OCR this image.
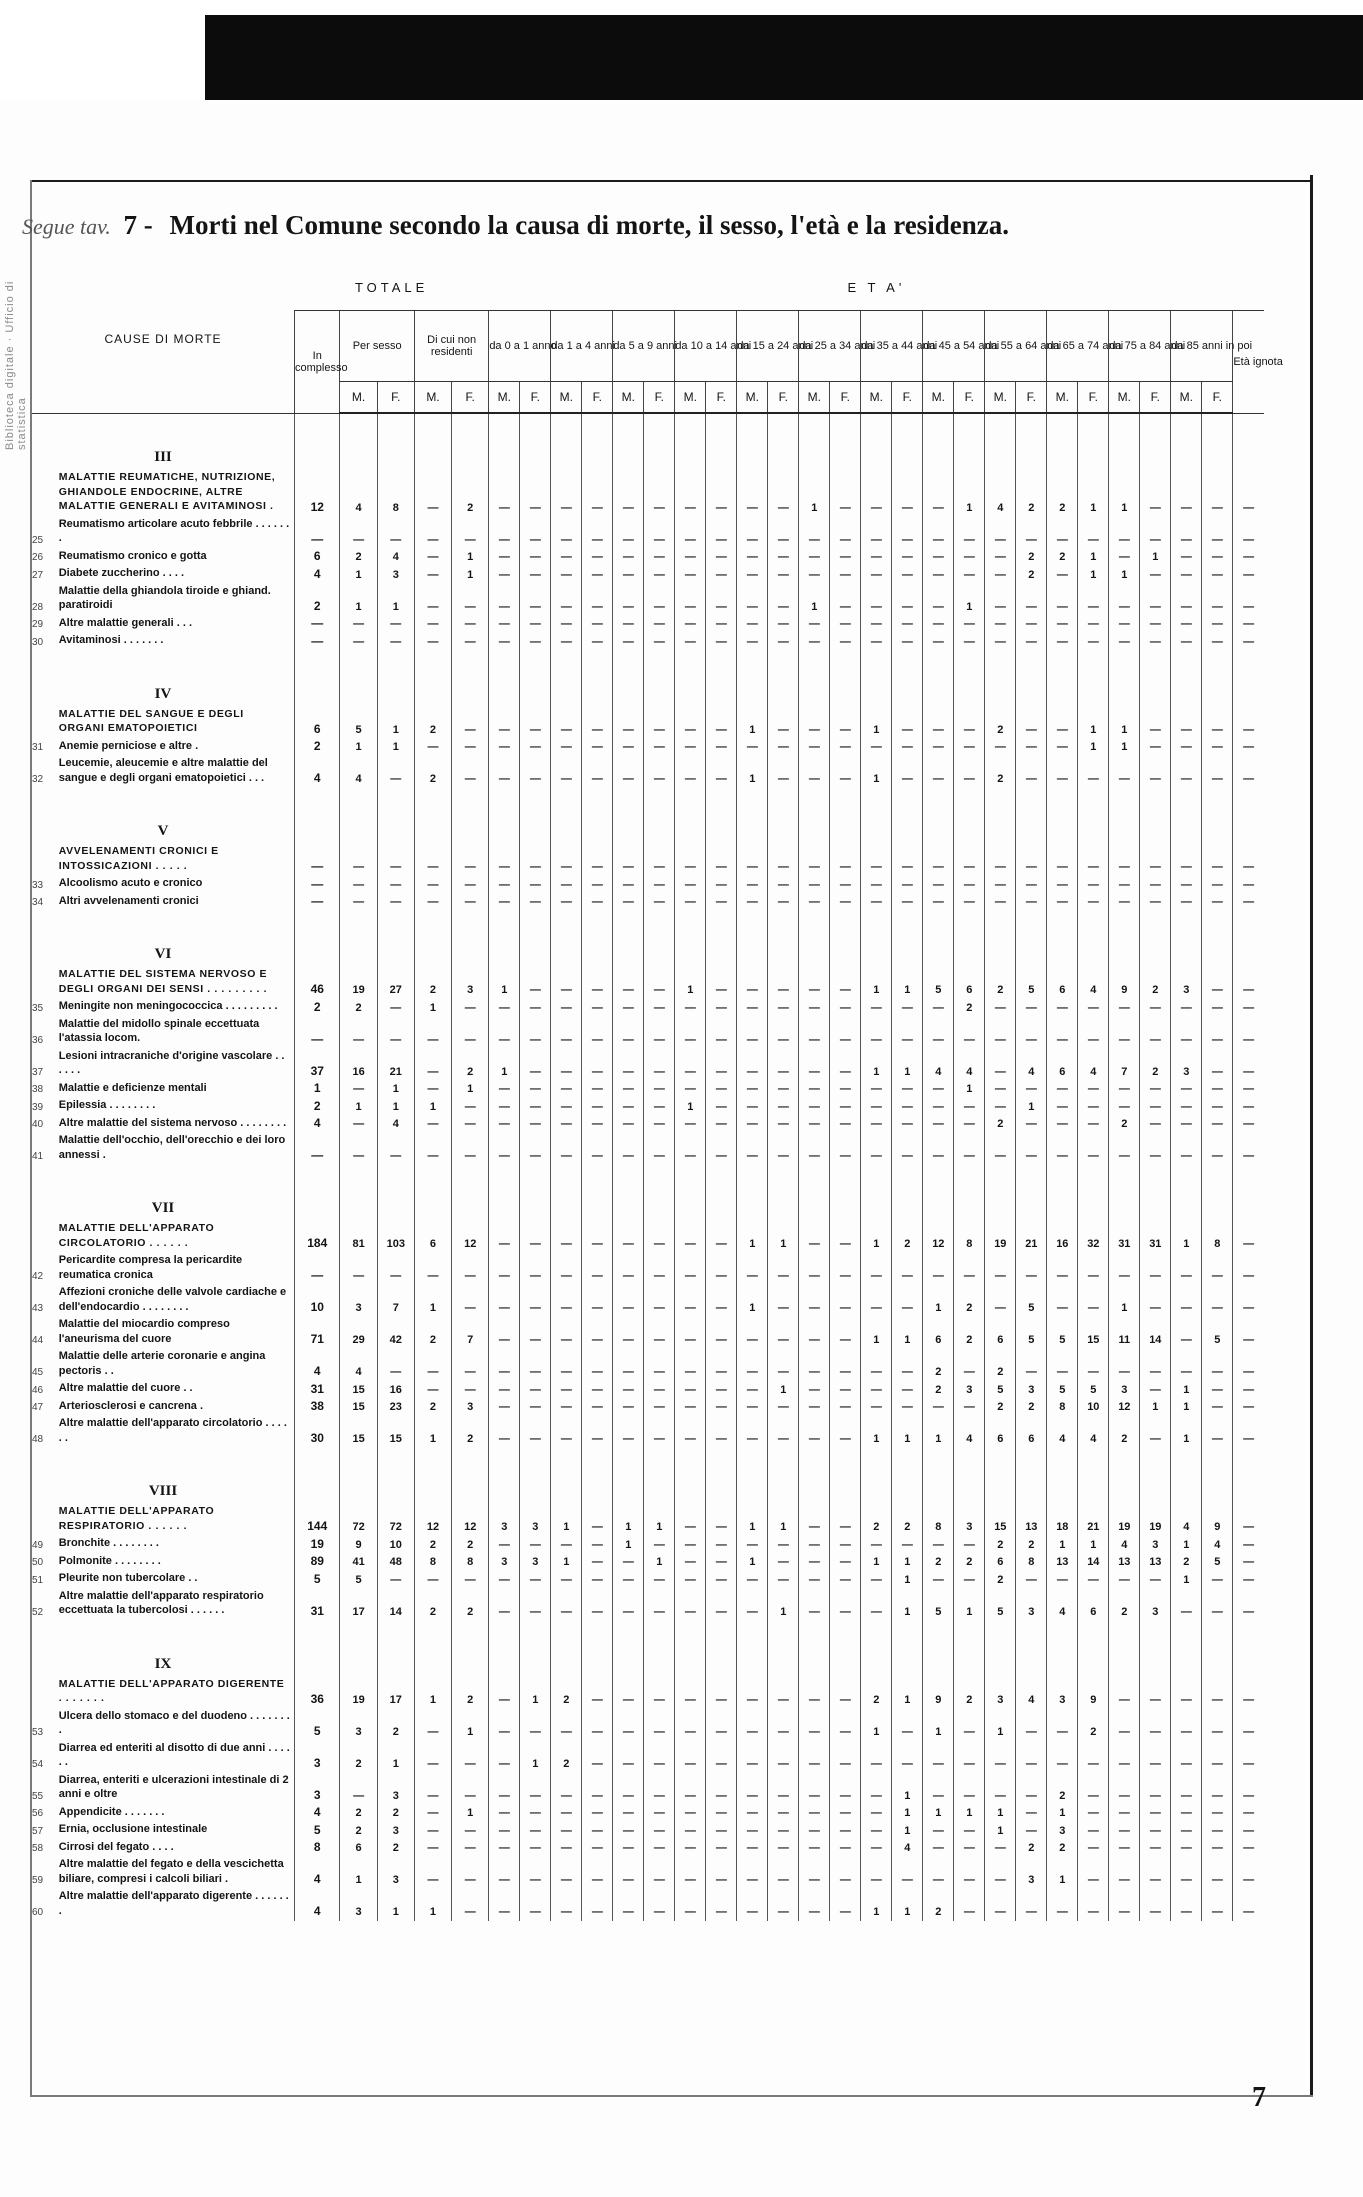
Biblioteca digitale · Ufficio di statistica
Segue tav. 7 - Morti nel Comune secondo la causa di morte, il sesso, l'età e la residenza.
CAUSE DI MORTE		TOTALE					E T A'																								
		In complesso	Per sesso		Di cui non residenti		da 0 a 1 anno		da 1 a 4 anni		da 5 a 9 anni		da 10 a 14 anni		da 15 a 24 anni		da 25 a 34 anni		da 35 a 44 anni		da 45 a 54 anni		da 55 a 64 anni		da 65 a 74 anni		da 75 a 84 anni		da 85 anni in poi		Età ignota
			M.	F.	M.	F.	M.	F.	M.	F.	M.	F.	M.	F.	M.	F.	M.	F.	M.	F.	M.	F.	M.	F.	M.	F.	M.	F.	M.	F.	
III																															
	MALATTIE REUMATICHE, NUTRIZIONE, GHIANDOLE ENDOCRINE, ALTRE MALATTIE GENERALI E AVITAMINOSI .	12	4	8	—	2	—	—	—	—	—	—	—	—	—	—	1	—	—	—	—	1	4	2	2	1	1	—	—	—	—
25	Reumatismo articolare acuto febbrile . . . . . . .	—	—	—	—	—	—	—	—	—	—	—	—	—	—	—	—	—	—	—	—	—	—	—	—	—	—	—	—	—	—
26	Reumatismo cronico e gotta	6	2	4	—	1	—	—	—	—	—	—	—	—	—	—	—	—	—	—	—	—	—	2	2	1	—	1	—	—	—
27	Diabete zuccherino . . . .	4	1	3	—	1	—	—	—	—	—	—	—	—	—	—	—	—	—	—	—	—	—	2	—	1	1	—	—	—	—
28	Malattie della ghiandola tiroide e ghiand. paratiroidi	2	1	1	—	—	—	—	—	—	—	—	—	—	—	—	1	—	—	—	—	1	—	—	—	—	—	—	—	—	—
29	Altre malattie generali . . .	—	—	—	—	—	—	—	—	—	—	—	—	—	—	—	—	—	—	—	—	—	—	—	—	—	—	—	—	—	—
30	Avitaminosi . . . . . . .	—	—	—	—	—	—	—	—	—	—	—	—	—	—	—	—	—	—	—	—	—	—	—	—	—	—	—	—	—	—
IV																															
	MALATTIE DEL SANGUE E DEGLI ORGANI EMATOPOIETICI	6	5	1	2	—	—	—	—	—	—	—	—	—	1	—	—	—	1	—	—	—	2	—	—	1	1	—	—	—	—
31	Anemie perniciose e altre .	2	1	1	—	—	—	—	—	—	—	—	—	—	—	—	—	—	—	—	—	—	—	—	—	1	1	—	—	—	—
32	Leucemie, aleucemie e altre malattie del sangue e degli organi ematopoietici . . .	4	4	—	2	—	—	—	—	—	—	—	—	—	1	—	—	—	1	—	—	—	2	—	—	—	—	—	—	—	—
V																															
	AVVELENAMENTI CRONICI E INTOSSICAZIONI . . . . .	—	—	—	—	—	—	—	—	—	—	—	—	—	—	—	—	—	—	—	—	—	—	—	—	—	—	—	—	—	—
33	Alcoolismo acuto e cronico	—	—	—	—	—	—	—	—	—	—	—	—	—	—	—	—	—	—	—	—	—	—	—	—	—	—	—	—	—	—
34	Altri avvelenamenti cronici	—	—	—	—	—	—	—	—	—	—	—	—	—	—	—	—	—	—	—	—	—	—	—	—	—	—	—	—	—	—
VI																															
	MALATTIE DEL SISTEMA NERVOSO E DEGLI ORGANI DEI SENSI . . . . . . . . .	46	19	27	2	3	1	—	—	—	—	—	1	—	—	—	—	—	1	1	5	6	2	5	6	4	9	2	3	—	—
35	Meningite non meningococcica . . . . . . . . .	2	2	—	1	—	—	—	—	—	—	—	—	—	—	—	—	—	—	—	—	2	—	—	—	—	—	—	—	—	—
36	Malattie del midollo spinale eccettuata l'atassia locom.	—	—	—	—	—	—	—	—	—	—	—	—	—	—	—	—	—	—	—	—	—	—	—	—	—	—	—	—	—	—
37	Lesioni intracraniche d'origine vascolare . . . . . .	37	16	21	—	2	1	—	—	—	—	—	—	—	—	—	—	—	1	1	4	4	—	4	6	4	7	2	3	—	—
38	Malattie e deficienze mentali	1	—	1	—	1	—	—	—	—	—	—	—	—	—	—	—	—	—	—	—	1	—	—	—	—	—	—	—	—	—
39	Epilessia . . . . . . . .	2	1	1	1	—	—	—	—	—	—	—	1	—	—	—	—	—	—	—	—	—	—	1	—	—	—	—	—	—	—
40	Altre malattie del sistema nervoso . . . . . . . .	4	—	4	—	—	—	—	—	—	—	—	—	—	—	—	—	—	—	—	—	—	2	—	—	—	2	—	—	—	—
41	Malattie dell'occhio, dell'orecchio e dei loro annessi .	—	—	—	—	—	—	—	—	—	—	—	—	—	—	—	—	—	—	—	—	—	—	—	—	—	—	—	—	—	—
VII																															
	MALATTIE DELL'APPARATO CIRCOLATORIO . . . . . .	184	81	103	6	12	—	—	—	—	—	—	—	—	1	1	—	—	1	2	12	8	19	21	16	32	31	31	1	8	—
42	Pericardite compresa la pericardite reumatica cronica	—	—	—	—	—	—	—	—	—	—	—	—	—	—	—	—	—	—	—	—	—	—	—	—	—	—	—	—	—	—
43	Affezioni croniche delle valvole cardiache e dell'endocardio . . . . . . . .	10	3	7	1	—	—	—	—	—	—	—	—	—	1	—	—	—	—	—	1	2	—	5	—	—	1	—	—	—	—
44	Malattie del miocardio compreso l'aneurisma del cuore	71	29	42	2	7	—	—	—	—	—	—	—	—	—	—	—	—	1	1	6	2	6	5	5	15	11	14	—	5	—
45	Malattie delle arterie coronarie e angina pectoris . .	4	4	—	—	—	—	—	—	—	—	—	—	—	—	—	—	—	—	—	2	—	2	—	—	—	—	—	—	—	—
46	Altre malattie del cuore . .	31	15	16	—	—	—	—	—	—	—	—	—	—	—	1	—	—	—	—	2	3	5	3	5	5	3	—	1	—	—
47	Arteriosclerosi e cancrena .	38	15	23	2	3	—	—	—	—	—	—	—	—	—	—	—	—	—	—	—	—	2	2	8	10	12	1	1	—	—
48	Altre malattie dell'apparato circolatorio . . . . . .	30	15	15	1	2	—	—	—	—	—	—	—	—	—	—	—	—	1	1	1	4	6	6	4	4	2	—	1	—	—
VIII																															
	MALATTIE DELL'APPARATO RESPIRATORIO . . . . . .	144	72	72	12	12	3	3	1	—	1	1	—	—	1	1	—	—	2	2	8	3	15	13	18	21	19	19	4	9	—
49	Bronchite . . . . . . . .	19	9	10	2	2	—	—	—	—	1	—	—	—	—	—	—	—	—	—	—	—	2	2	1	1	4	3	1	4	—
50	Polmonite . . . . . . . .	89	41	48	8	8	3	3	1	—	—	1	—	—	1	—	—	—	1	1	2	2	6	8	13	14	13	13	2	5	—
51	Pleurite non tubercolare . .	5	5	—	—	—	—	—	—	—	—	—	—	—	—	—	—	—	—	1	—	—	2	—	—	—	—	—	1	—	—
52	Altre malattie dell'apparato respiratorio eccettuata la tubercolosi . . . . . .	31	17	14	2	2	—	—	—	—	—	—	—	—	—	1	—	—	—	1	5	1	5	3	4	6	2	3	—	—	—
IX																															
	MALATTIE DELL'APPARATO DIGERENTE . . . . . . .	36	19	17	1	2	—	1	2	—	—	—	—	—	—	—	—	—	2	1	9	2	3	4	3	9	—	—	—	—	—
53	Ulcera dello stomaco e del duodeno . . . . . . . .	5	3	2	—	1	—	—	—	—	—	—	—	—	—	—	—	—	1	—	1	—	1	—	—	2	—	—	—	—	—
54	Diarrea ed enteriti al disotto di due anni . . . . . .	3	2	1	—	—	—	1	2	—	—	—	—	—	—	—	—	—	—	—	—	—	—	—	—	—	—	—	—	—	—
55	Diarrea, enteriti e ulcerazioni intestinale di 2 anni e oltre	3	—	3	—	—	—	—	—	—	—	—	—	—	—	—	—	—	—	1	—	—	—	—	2	—	—	—	—	—	—
56	Appendicite . . . . . . .	4	2	2	—	1	—	—	—	—	—	—	—	—	—	—	—	—	—	1	1	1	1	—	1	—	—	—	—	—	—
57	Ernia, occlusione intestinale	5	2	3	—	—	—	—	—	—	—	—	—	—	—	—	—	—	—	1	—	—	1	—	3	—	—	—	—	—	—
58	Cirrosi del fegato . . . .	8	6	2	—	—	—	—	—	—	—	—	—	—	—	—	—	—	—	4	—	—	—	2	2	—	—	—	—	—	—
59	Altre malattie del fegato e della vescichetta biliare, compresi i calcoli biliari .	4	1	3	—	—	—	—	—	—	—	—	—	—	—	—	—	—	—	—	—	—	—	3	1	—	—	—	—	—	—
60	Altre malattie dell'apparato digerente . . . . . . .	4	3	1	1	—	—	—	—	—	—	—	—	—	—	—	—	—	1	1	2	—	—	—	—	—	—	—	—	—	—
7
